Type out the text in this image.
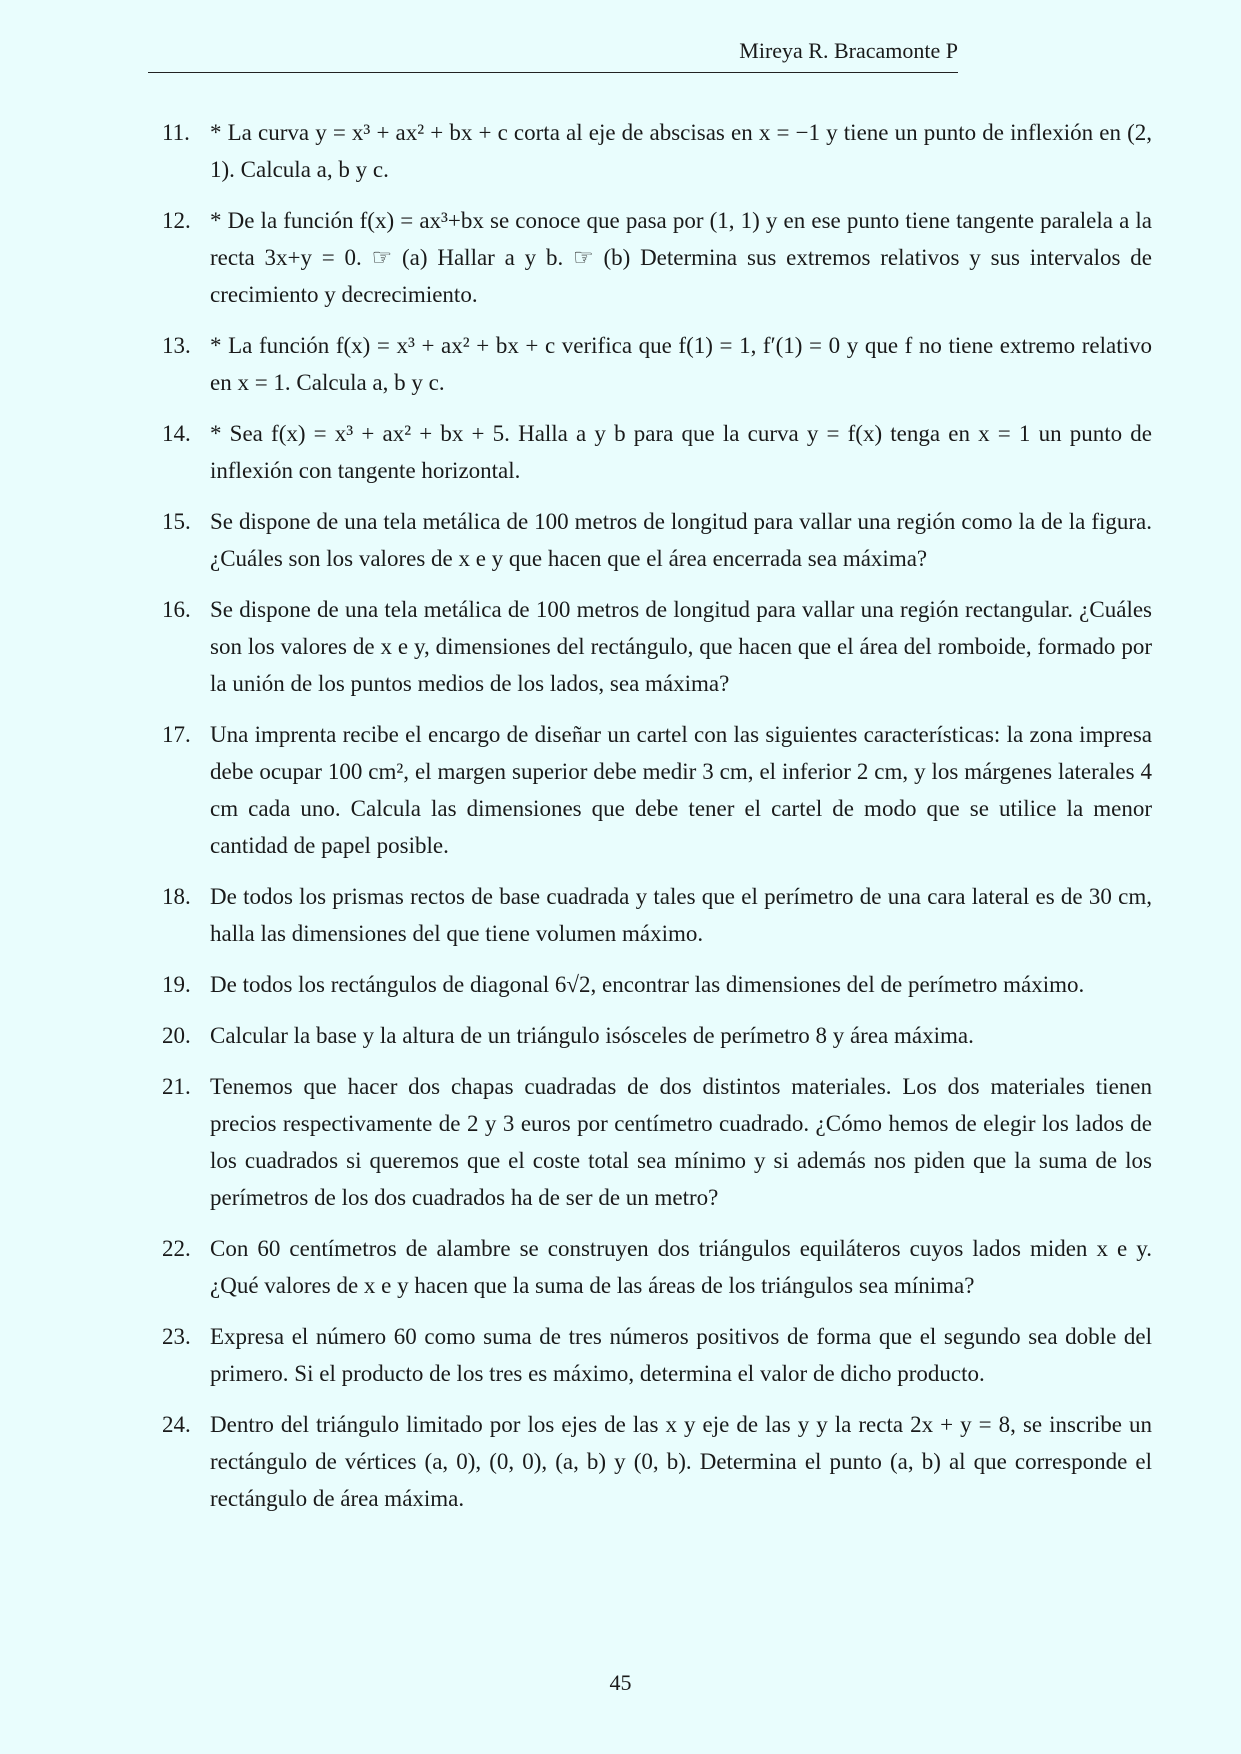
Mireya R. Bracamonte P
11. * La curva y = x³ + ax² + bx + c corta al eje de abscisas en x = −1 y tiene un punto de inflexión en (2, 1). Calcula a, b y c.
12. * De la función f(x) = ax³+bx se conoce que pasa por (1, 1) y en ese punto tiene tangente paralela a la recta 3x+y = 0. ☞ (a) Hallar a y b. ☞ (b) Determina sus extremos relativos y sus intervalos de crecimiento y decrecimiento.
13. * La función f(x) = x³ + ax² + bx + c verifica que f(1) = 1, f′(1) = 0 y que f no tiene extremo relativo en x = 1. Calcula a, b y c.
14. * Sea f(x) = x³ + ax² + bx + 5. Halla a y b para que la curva y = f(x) tenga en x = 1 un punto de inflexión con tangente horizontal.
15. Se dispone de una tela metálica de 100 metros de longitud para vallar una región como la de la figura. ¿Cuáles son los valores de x e y que hacen que el área encerrada sea máxima?
16. Se dispone de una tela metálica de 100 metros de longitud para vallar una región rectangular. ¿Cuáles son los valores de x e y, dimensiones del rectángulo, que hacen que el área del romboide, formado por la unión de los puntos medios de los lados, sea máxima?
17. Una imprenta recibe el encargo de diseñar un cartel con las siguientes características: la zona impresa debe ocupar 100 cm², el margen superior debe medir 3 cm, el inferior 2 cm, y los márgenes laterales 4 cm cada uno. Calcula las dimensiones que debe tener el cartel de modo que se utilice la menor cantidad de papel posible.
18. De todos los prismas rectos de base cuadrada y tales que el perímetro de una cara lateral es de 30 cm, halla las dimensiones del que tiene volumen máximo.
19. De todos los rectángulos de diagonal 6√2, encontrar las dimensiones del de perímetro máximo.
20. Calcular la base y la altura de un triángulo isósceles de perímetro 8 y área máxima.
21. Tenemos que hacer dos chapas cuadradas de dos distintos materiales. Los dos materiales tienen precios respectivamente de 2 y 3 euros por centímetro cuadrado. ¿Cómo hemos de elegir los lados de los cuadrados si queremos que el coste total sea mínimo y si además nos piden que la suma de los perímetros de los dos cuadrados ha de ser de un metro?
22. Con 60 centímetros de alambre se construyen dos triángulos equiláteros cuyos lados miden x e y. ¿Qué valores de x e y hacen que la suma de las áreas de los triángulos sea mínima?
23. Expresa el número 60 como suma de tres números positivos de forma que el segundo sea doble del primero. Si el producto de los tres es máximo, determina el valor de dicho producto.
24. Dentro del triángulo limitado por los ejes de las x y eje de las y y la recta 2x + y = 8, se inscribe un rectángulo de vértices (a, 0), (0, 0), (a, b) y (0, b). Determina el punto (a, b) al que corresponde el rectángulo de área máxima.
45
